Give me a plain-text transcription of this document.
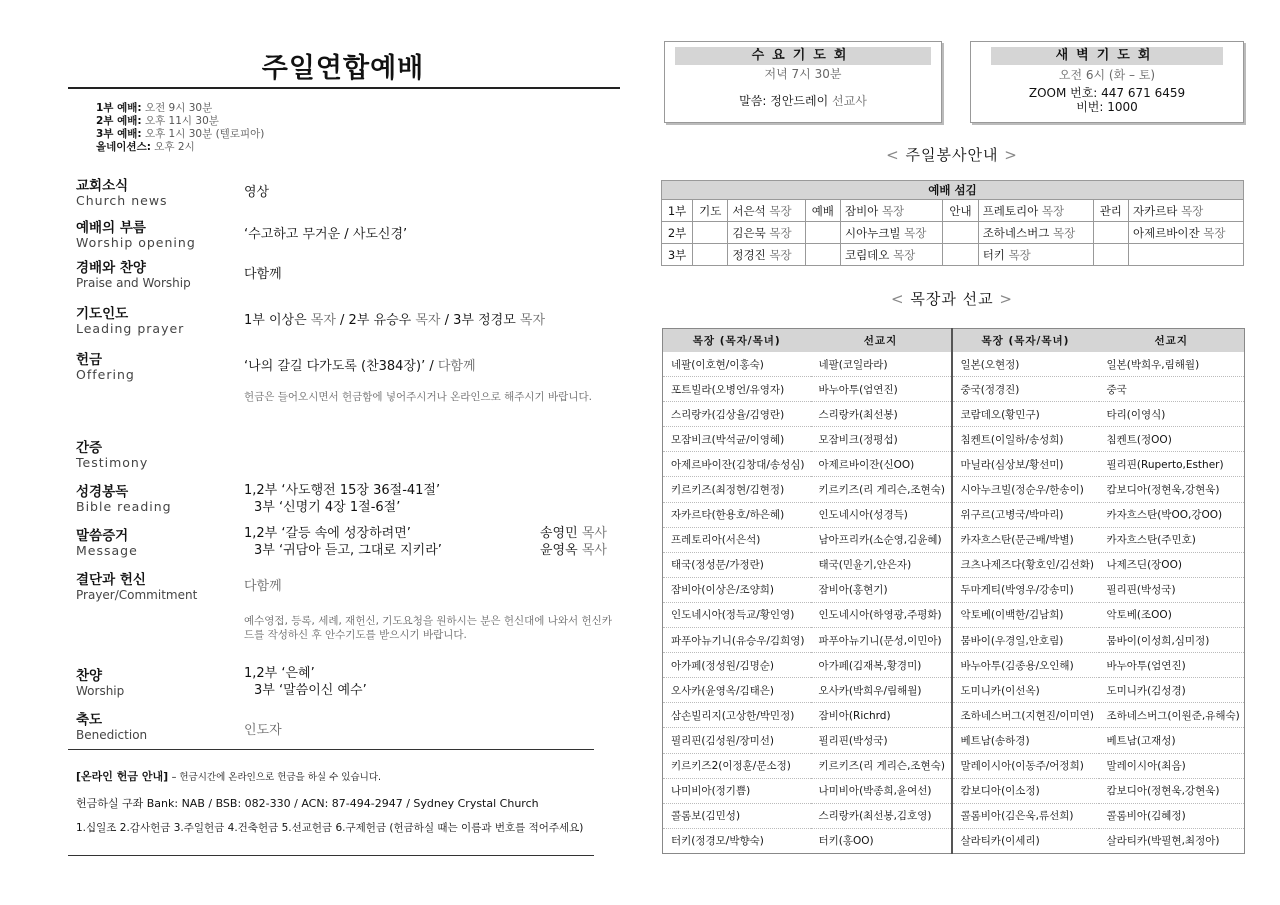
주일연합예배
1부 예배: 오전 9시 30분
2부 예배: 오후 11시 30분
3부 예배: 오후 1시 30분 (텔로피아)
올네이션스: 오후 2시
교회소식
Church news
영상
예배의 부름
Worship opening
‘수고하고 무거운 / 사도신경’
경배와 찬양
Praise and Worship
다함께
기도인도
Leading prayer
1부 이상은 목자 / 2부 유승우 목자 / 3부 정경모 목자
헌금
Offering
‘나의 갈길 다가도록 (찬384장)’ / 다함께
헌금은 들어오시면서 헌금함에 넣어주시거나 온라인으로 해주시기 바랍니다.
간증
Testimony
성경봉독
Bible reading
1,2부 ‘사도행전 15장 36절-41절’
3부 ‘신명기 4장 1절-6절’
말씀증거
Message
1,2부 ‘갈등 속에 성장하려면’
3부 ‘귀담아 듣고, 그대로 지키라’
송영민 목사
윤영옥 목사
결단과 헌신
Prayer/Commitment
다함께
예수영접, 등록, 세례, 재헌신, 기도요청을 원하시는 분은 헌신대에 나와서 헌신카드를 작성하신 후 안수기도를 받으시기 바랍니다.
찬양
Worship
1,2부 ‘은혜’
3부 ‘말씀이신 예수’
축도
Benediction	인도자
[온라인 헌금 안내] – 헌금시간에 온라인으로 헌금을 하실 수 있습니다.
헌금하실 구좌 Bank: NAB / BSB: 082-330 / ACN: 87-494-2947 / Sydney Crystal Church
1.십일조 2.감사헌금 3.주일헌금 4.건축헌금 5.선교헌금 6.구제헌금 (헌금하실 때는 이름과 번호를 적어주세요)
수요기도회
저녁 7시 30분
말씀: 정안드레이 선교사
새벽기도회
오전 6시 (화 – 토)
ZOOM 번호: 447 671 6459
비번: 1000
< 주일봉사안내 >
예배 섬김								
1부	기도	서은석 목장	예배	잠비아 목장	안내	프레토리아 목장	관리	자카르타 목장
2부		김은묵 목장		시아누크빌 목장		조하네스버그 목장		아제르바이잔 목장
3부		정경진 목장		코림데오 목장		터키 목장		
< 목장과 선교 >
목장 (목자/목녀)	선교지	목장 (목자/목녀)	선교지
네팔(이호현/이홍숙)	네팔(코일라라)	일본(오현정)	일본(박희우,림해월)
포트빌라(오병언/유영자)	바누아투(엄연진)	중국(정경진)	중국
스리랑카(김상율/김영란)	스리랑카(최선봉)	코람데오(황민구)	타리(이영식)
모잠비크(박석균/이영혜)	모잠비크(정평섭)	침켄트(이일하/송성희)	침켄트(정OO)
아제르바이잔(김창대/송성심)	아제르바이잔(신OO)	마닐라(심상보/황선미)	필리핀(Ruperto,Esther)
키르키즈(최정현/김현정)	키르키즈(리 게리슨,조현숙)	시아누크빌(정순우/한송이)	캄보디아(정현욱,강현욱)
자카르타(한용호/하은혜)	인도네시아(성경득)	위구르(고병국/박마리)	카자흐스탄(박OO,강OO)
프레토리아(서은석)	남아프리카(소순영,김윤혜)	카자흐스탄(문근배/박별)	카자흐스탄(주민호)
태국(정성문/가정란)	태국(민윤기,안은자)	크츠나제즈다(황호인/김선화)	나제즈딘(장OO)
잠비아(이상은/조양희)	잠비아(홍현기)	두마게티(박영우/강송미)	필리핀(박성국)
인도네시아(정득교/황인영)	인도네시아(하영광,주평화)	악토베(이백한/김남희)	악토베(조OO)
파푸아뉴기니(유승우/김희영)	파푸아뉴기니(문성,이민아)	뭄바이(우경일,안호림)	뭄바이(이성희,심미정)
아가페(정성원/김명순)	아가페(김재복,황경미)	바누아투(김종용/오인해)	바누아투(엄연진)
오사카(윤영옥/김태은)	오사카(박희우/림해월)	도미니카(이선옥)	도미니카(김성경)
삼손빌리지(고상한/박민정)	잠비아(Richrd)	조하네스버그(지현진/이미연)	조하네스버그(이원준,유해숙)
필리핀(김성원/장미선)	필리핀(박성국)	베트남(송하경)	베트남(고재성)
키르키즈2(이정훈/문소정)	키르키즈(리 게리슨,조현숙)	말레이시아(이동주/어정희)	말레이시아(최음)
나미비아(정기쁨)	나미비아(박종희,윤여선)	캄보디아(이소정)	캄보디아(정현욱,강현욱)
콜롬보(김민성)	스리랑카(최선봉,김호영)	콜롬비아(김은욱,류선희)	콜롬비아(김혜정)
터키(정경모/박향숙)	터키(홍OO)	살라티카(이세리)	살라티카(박필현,최정아)
